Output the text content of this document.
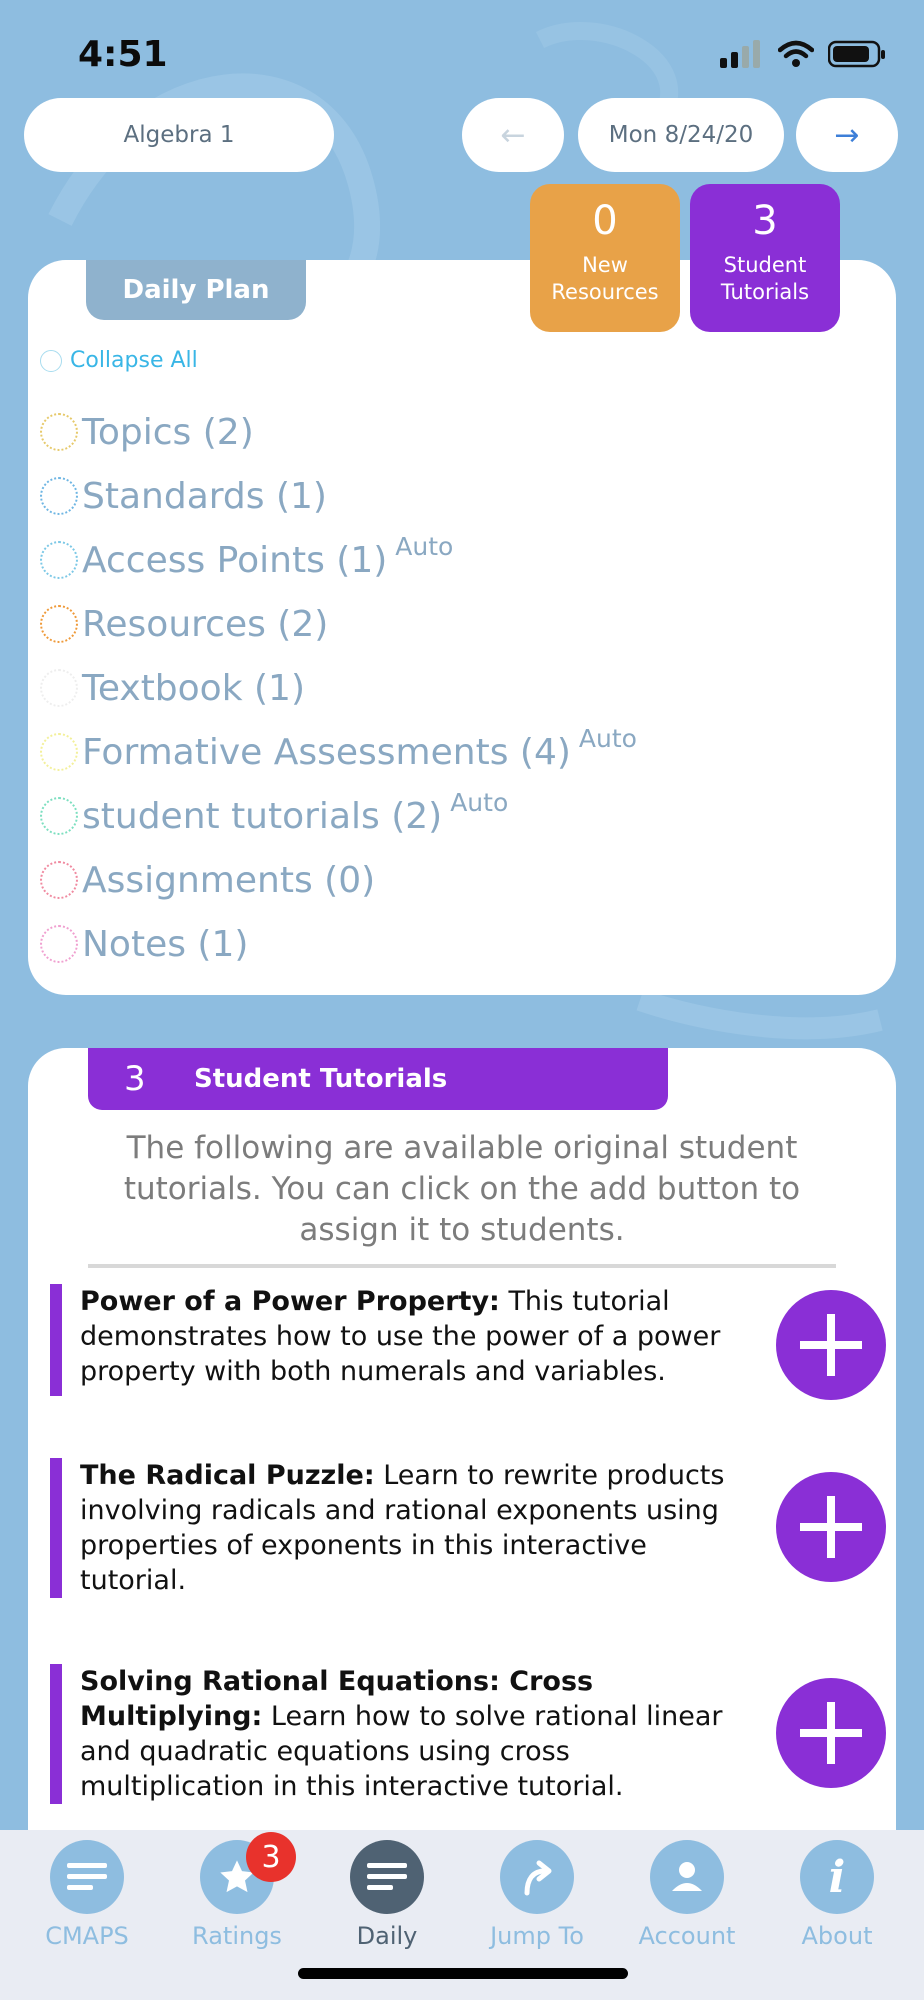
4:51
Algebra 1	←	Mon 8/24/20	→
0
New Resources
3
Student Tutorials
Daily Plan
Collapse All
Topics (2)
Standards (1)
Access Points (1) Auto
Resources (2)
Textbook (1)
Formative Assessments (4) Auto
student tutorials (2) Auto
Assignments (0)
Notes (1)
3	Student Tutorials
The following are available original student tutorials. You can click on the add button to assign it to students.
Power of a Power Property: This tutorial demonstrates how to use the power of a power property with both numerals and variables.
The Radical Puzzle: Learn to rewrite products involving radicals and rational exponents using properties of exponents in this interactive tutorial.
Solving Rational Equations: Cross Multiplying: Learn how to solve rational linear and quadratic equations using cross multiplication in this interactive tutorial.
CMAPS
3
Ratings	Daily	Jump To Account
i
About
